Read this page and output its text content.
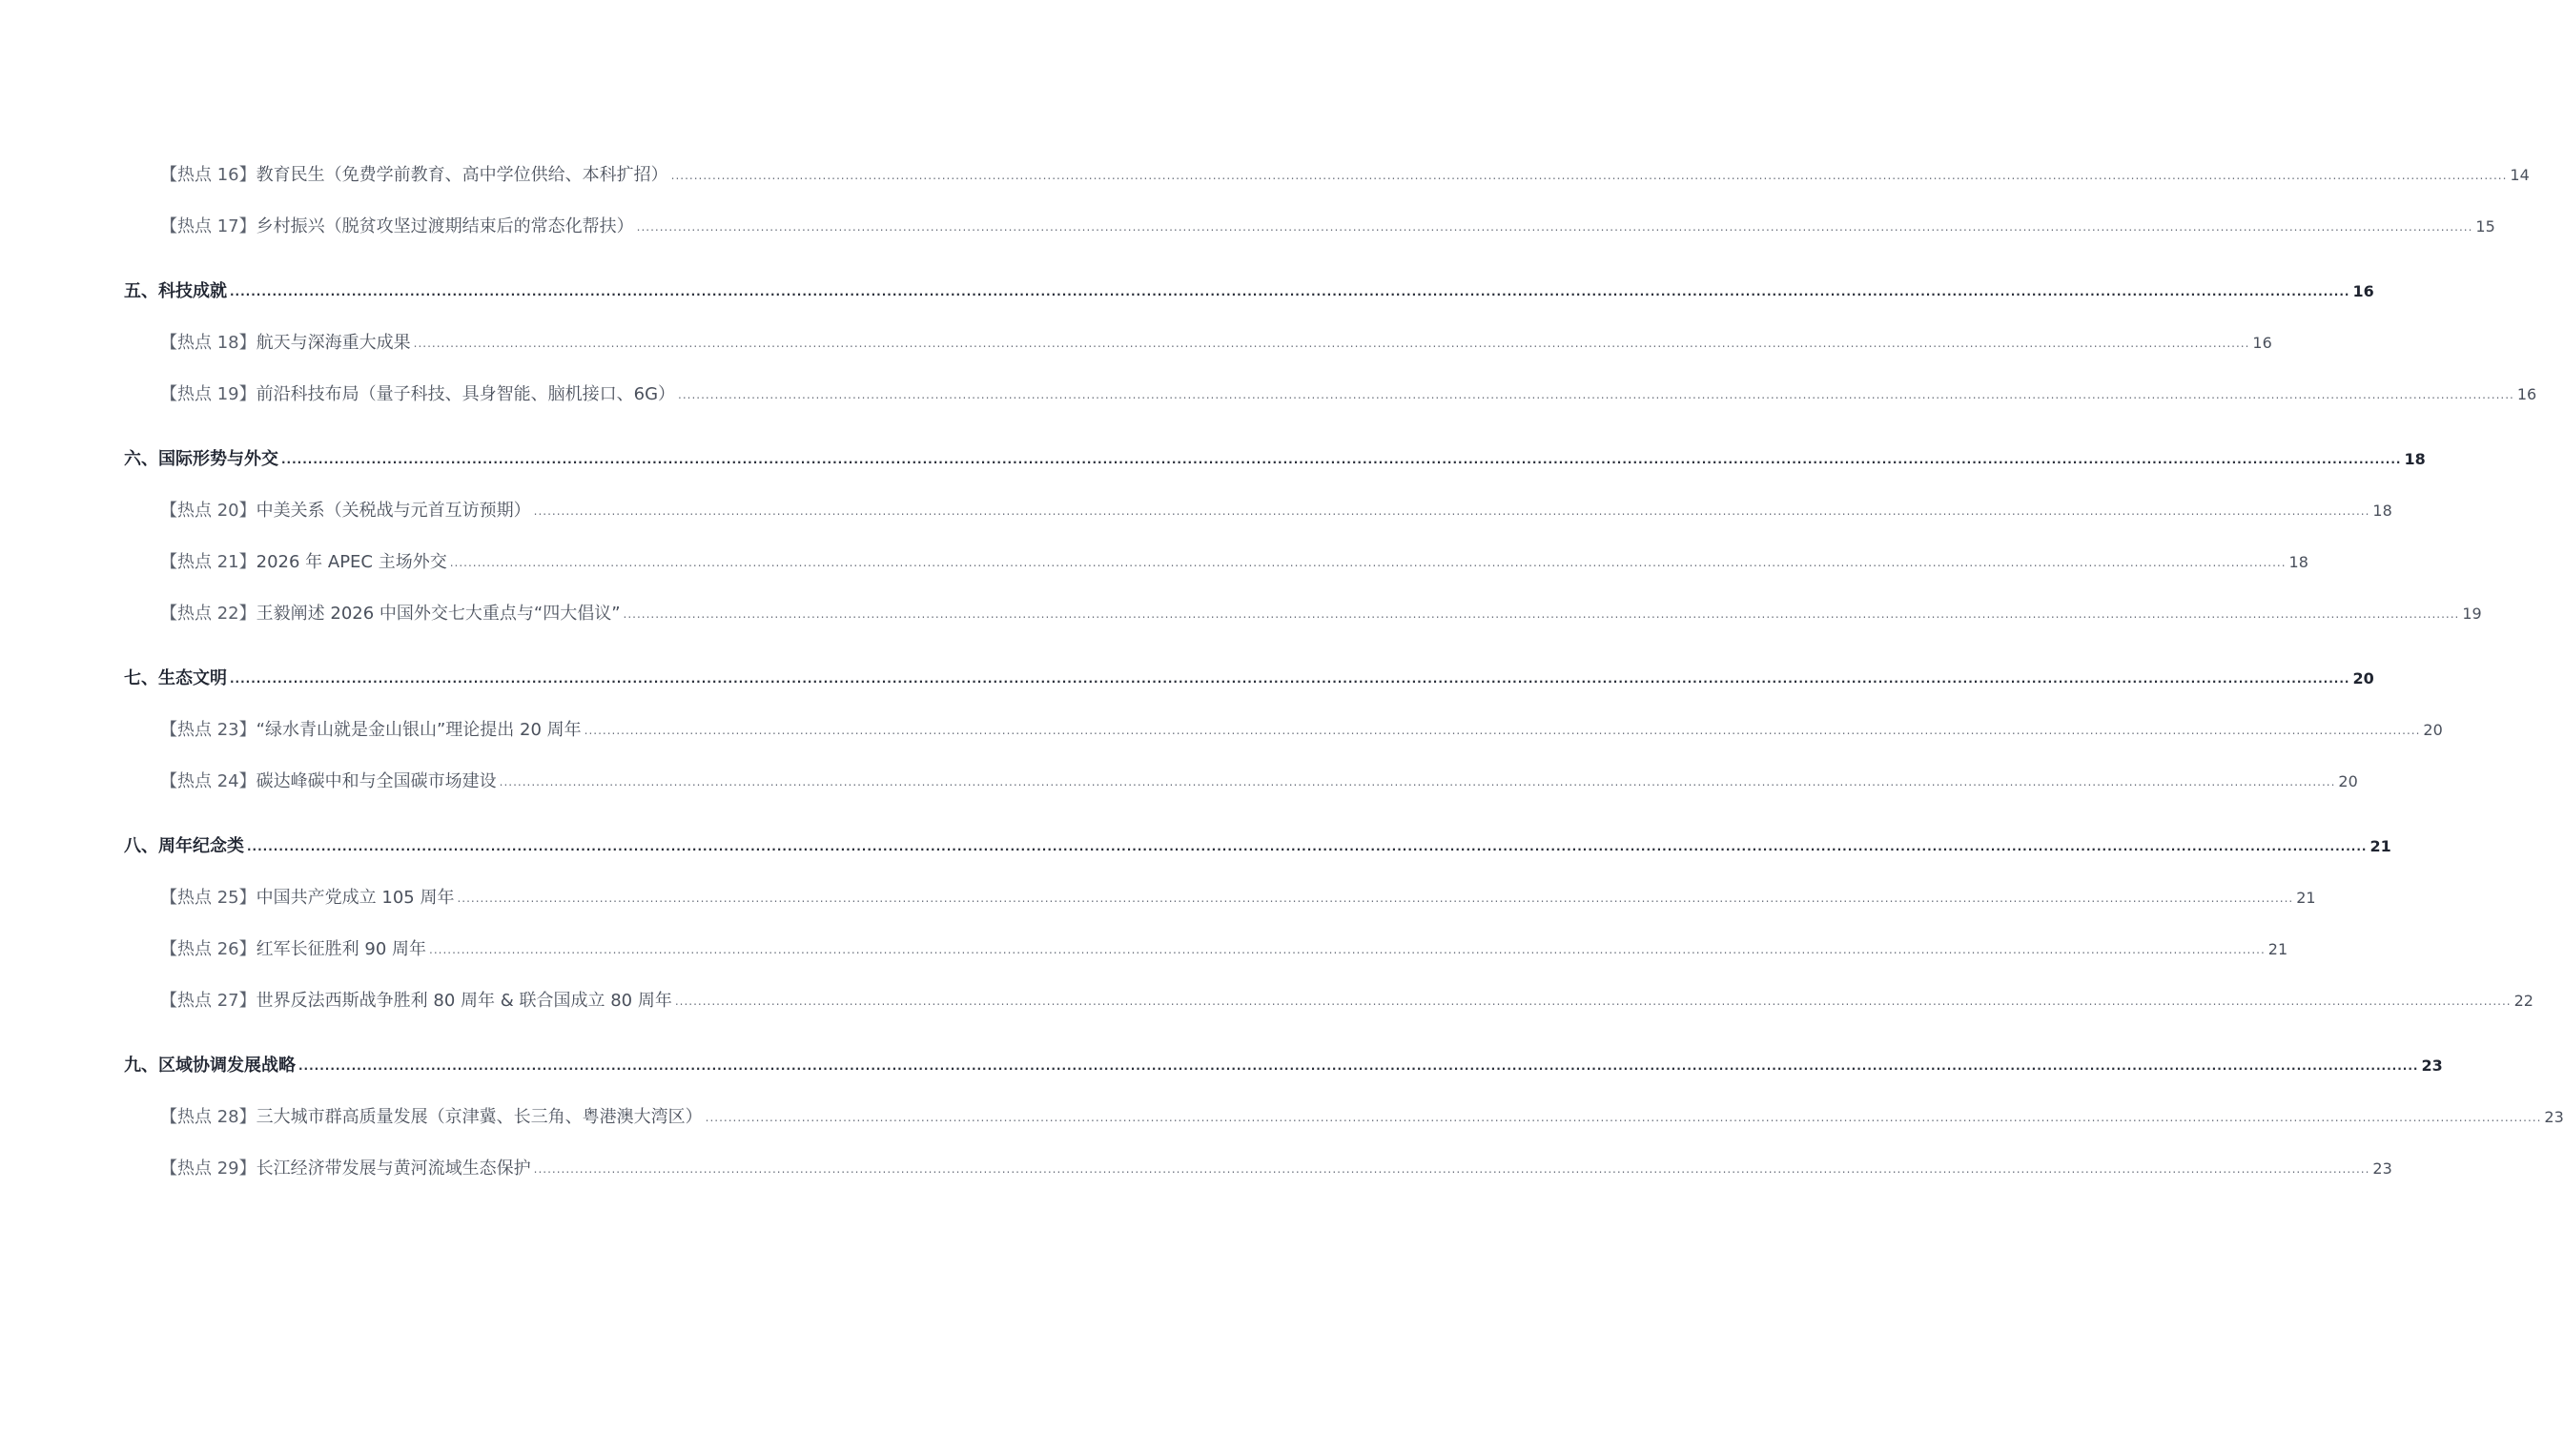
【热点 16】 教育民生（免费学前教育、高中学位供给、本科扩招） ................................................................................................................................................................................................................................................................................................................................................................................................................ 14
【热点 17】 乡村振兴（脱贫攻坚过渡期结束后的常态化帮扶） ................................................................................................................................................................................................................................................................................................................................................................................................................ 15
五、科技成就 ................................................................................................................................................................................................................................................................................................................................................................................................................ 16
【热点 18】 航天与深海重大成果 ................................................................................................................................................................................................................................................................................................................................................................................................................ 16
【热点 19】 前沿科技布局（量子科技、具身智能、脑机接口、6G） ................................................................................................................................................................................................................................................................................................................................................................................................................ 16
六、国际形势与外交 ................................................................................................................................................................................................................................................................................................................................................................................................................ 18
【热点 20】 中美关系（关税战与元首互访预期） ................................................................................................................................................................................................................................................................................................................................................................................................................ 18
【热点 21】 2026 年 APEC 主场外交 ................................................................................................................................................................................................................................................................................................................................................................................................................ 18
【热点 22】 王毅阐述 2026 中国外交七大重点与“四大倡议” ................................................................................................................................................................................................................................................................................................................................................................................................................ 19
七、生态文明 ................................................................................................................................................................................................................................................................................................................................................................................................................ 20
【热点 23】 “绿水青山就是金山银山”理论提出 20 周年 ................................................................................................................................................................................................................................................................................................................................................................................................................ 20
【热点 24】 碳达峰碳中和与全国碳市场建设 ................................................................................................................................................................................................................................................................................................................................................................................................................ 20
八、周年纪念类 ................................................................................................................................................................................................................................................................................................................................................................................................................ 21
【热点 25】 中国共产党成立 105 周年 ................................................................................................................................................................................................................................................................................................................................................................................................................ 21
【热点 26】 红军长征胜利 90 周年 ................................................................................................................................................................................................................................................................................................................................................................................................................ 21
【热点 27】 世界反法西斯战争胜利 80 周年 & 联合国成立 80 周年 ................................................................................................................................................................................................................................................................................................................................................................................................................ 22
九、区域协调发展战略 ................................................................................................................................................................................................................................................................................................................................................................................................................ 23
【热点 28】 三大城市群高质量发展（京津冀、长三角、粤港澳大湾区） ................................................................................................................................................................................................................................................................................................................................................................................................................ 23
【热点 29】 长江经济带发展与黄河流域生态保护 ................................................................................................................................................................................................................................................................................................................................................................................................................ 23
